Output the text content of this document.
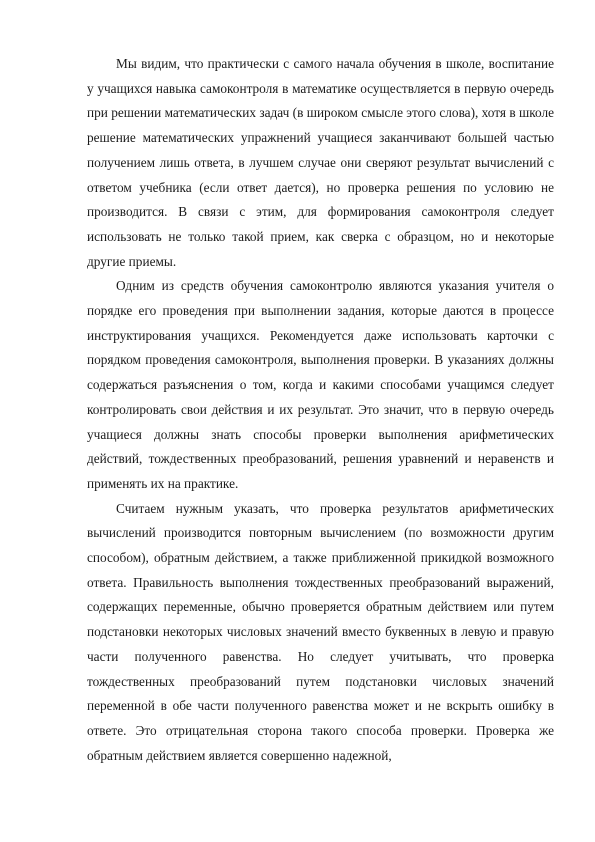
Мы видим, что практически с самого начала обучения в школе, воспитание у учащихся навыка самоконтроля в математике осуществляется в первую очередь при решении математических задач (в широком смысле этого слова), хотя в школе решение математических упражнений учащиеся заканчивают большей частью получением лишь ответа, в лучшем случае они сверяют результат вычислений с ответом учебника (если ответ дается), но проверка решения по условию не производится. В связи с этим, для формирования самоконтроля следует использовать не только такой прием, как сверка с образцом, но и некоторые другие приемы.

Одним из средств обучения самоконтролю являются указания учителя о порядке его проведения при выполнении задания, которые даются в процессе инструктирования учащихся. Рекомендуется даже использовать карточки с порядком проведения самоконтроля, выполнения проверки. В указаниях должны содержаться разъяснения о том, когда и какими способами учащимся следует контролировать свои действия и их результат. Это значит, что в первую очередь учащиеся должны знать способы проверки выполнения арифметических действий, тождественных преобразований, решения уравнений и неравенств и применять их на практике.

Считаем нужным указать, что проверка результатов арифметических вычислений производится повторным вычислением (по возможности другим способом), обратным действием, а также приближенной прикидкой возможного ответа. Правильность выполнения тождественных преобразований выражений, содержащих переменные, обычно проверяется обратным действием или путем подстановки некоторых числовых значений вместо буквенных в левую и правую части полученного равенства. Но следует учитывать, что проверка тождественных преобразований путем подстановки числовых значений переменной в обе части полученного равенства может и не вскрыть ошибку в ответе. Это отрицательная сторона такого способа проверки. Проверка же обратным действием является совершенно надежной,
